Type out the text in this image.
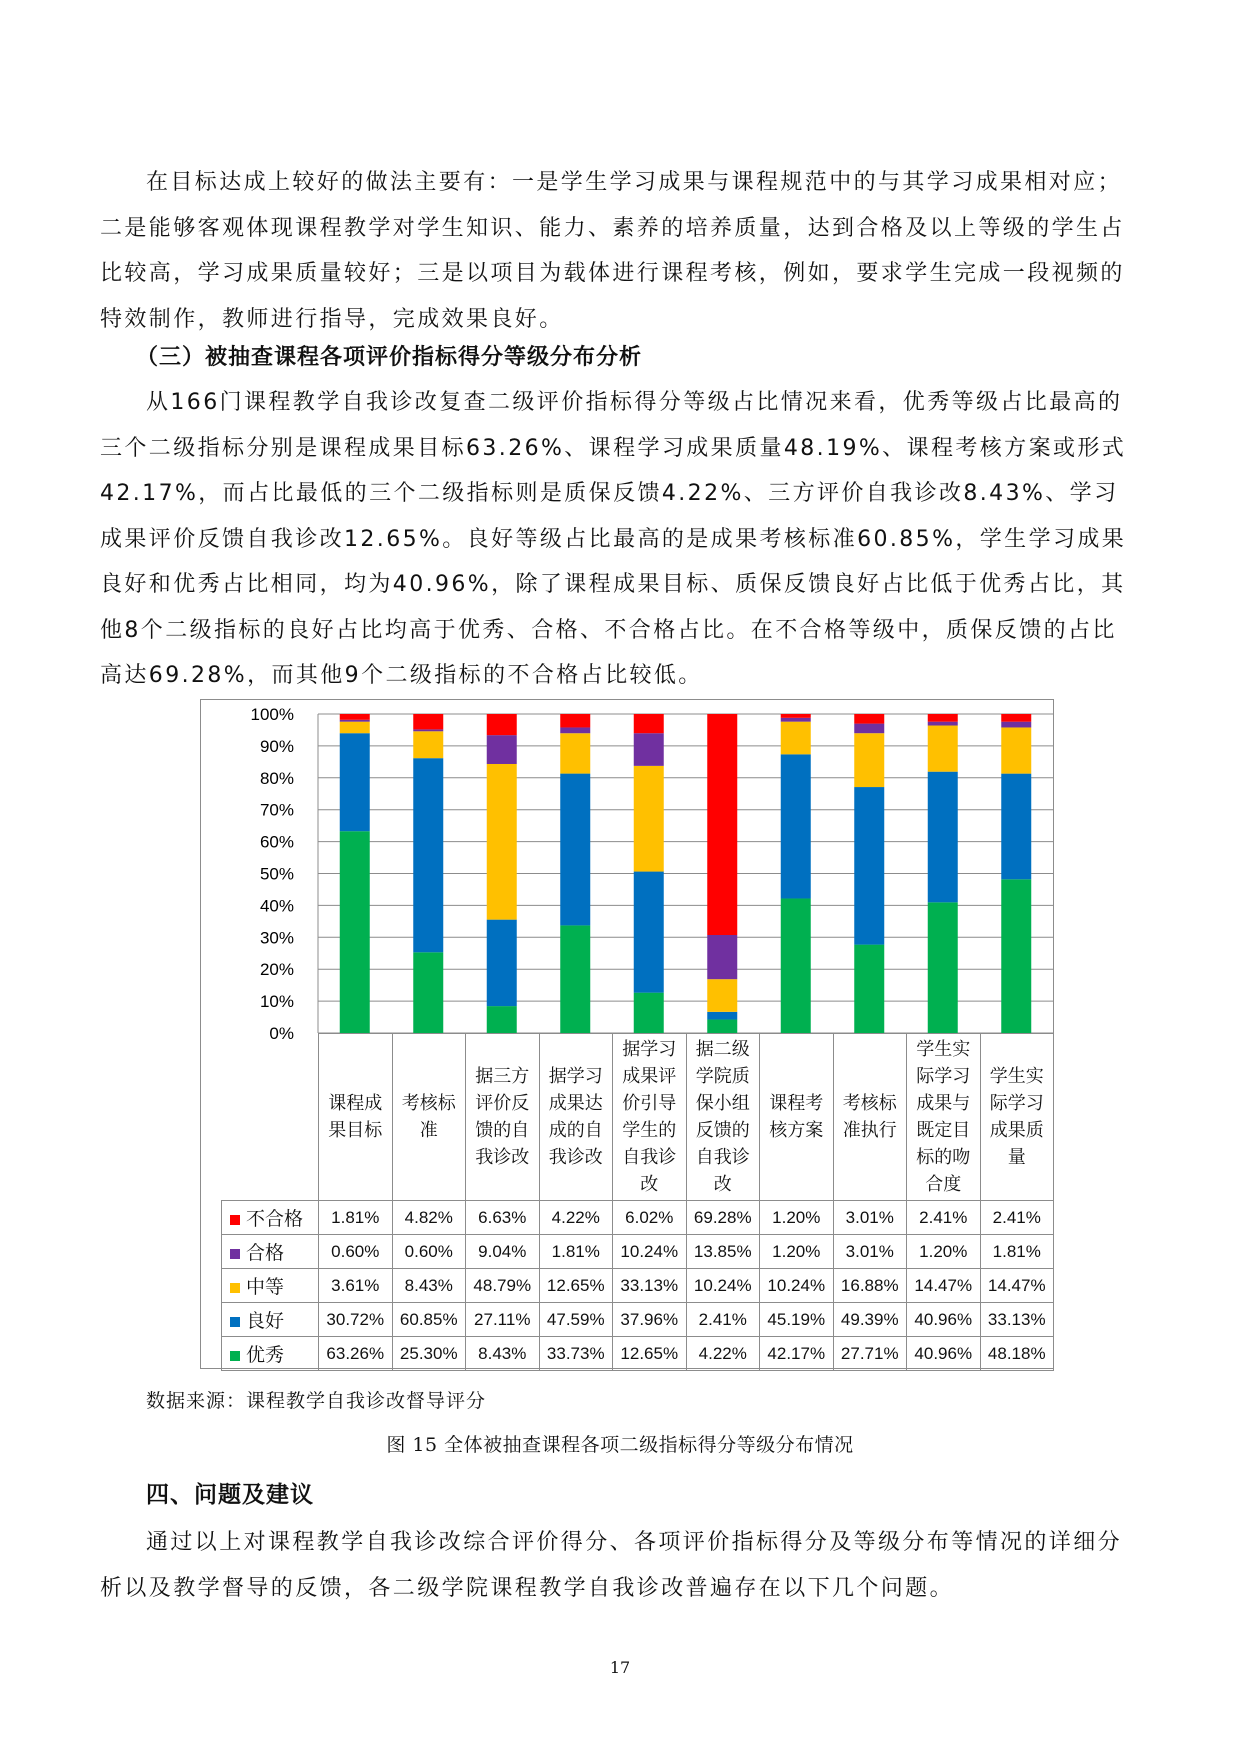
在目标达成上较好的做法主要有：一是学生学习成果与课程规范中的与其学习成果相对应；二是能够客观体现课程教学对学生知识、能力、素养的培养质量，达到合格及以上等级的学生占比较高，学习成果质量较好；三是以项目为载体进行课程考核，例如，要求学生完成一段视频的特效制作，教师进行指导，完成效果良好。

（三）被抽查课程各项评价指标得分等级分布分析

从166门课程教学自我诊改复查二级评价指标得分等级占比情况来看，优秀等级占比最高的三个二级指标分别是课程成果目标63.26%、课程学习成果质量48.19%、课程考核方案或形式42.17%，而占比最低的三个二级指标则是质保反馈4.22%、三方评价自我诊改8.43%、学习成果评价反馈自我诊改12.65%。良好等级占比最高的是成果考核标准60.85%，学生学习成果良好和优秀占比相同，均为40.96%，除了课程成果目标、质保反馈良好占比低于优秀占比，其他8个二级指标的良好占比均高于优秀、合格、不合格占比。在不合格等级中，质保反馈的占比高达69.28%，而其他9个二级指标的不合格占比较低。

0%
10%
20%
30%
40%
50%
60%
70%
80%
90%
100%
	课程成果目标	考核标准	据三方评价反馈的自我诊改	据学习成果达成的自我诊改	据学习成果评价引导学生的自我诊改	据二级学院质保小组反馈的自我诊改	课程考核方案	考核标准执行	学生实际学习成果与既定目标的吻合度	学生实际学习成果质量
不合格	1.81%	4.82%	6.63%	4.22%	6.02%	69.28%	1.20%	3.01%	2.41%	2.41%
合格	0.60%	0.60%	9.04%	1.81%	10.24%	13.85%	1.20%	3.01%	1.20%	1.81%
中等	3.61%	8.43%	48.79%	12.65%	33.13%	10.24%	10.24%	16.88%	14.47%	14.47%
良好	30.72%	60.85%	27.11%	47.59%	37.96%	2.41%	45.19%	49.39%	40.96%	33.13%
优秀	63.26%	25.30%	8.43%	33.73%	12.65%	4.22%	42.17%	27.71%	40.96%	48.18%
数据来源：课程教学自我诊改督导评分
图 15 全体被抽查课程各项二级指标得分等级分布情况
四、问题及建议

通过以上对课程教学自我诊改综合评价得分、各项评价指标得分及等级分布等情况的详细分析以及教学督导的反馈，各二级学院课程教学自我诊改普遍存在以下几个问题。

17
